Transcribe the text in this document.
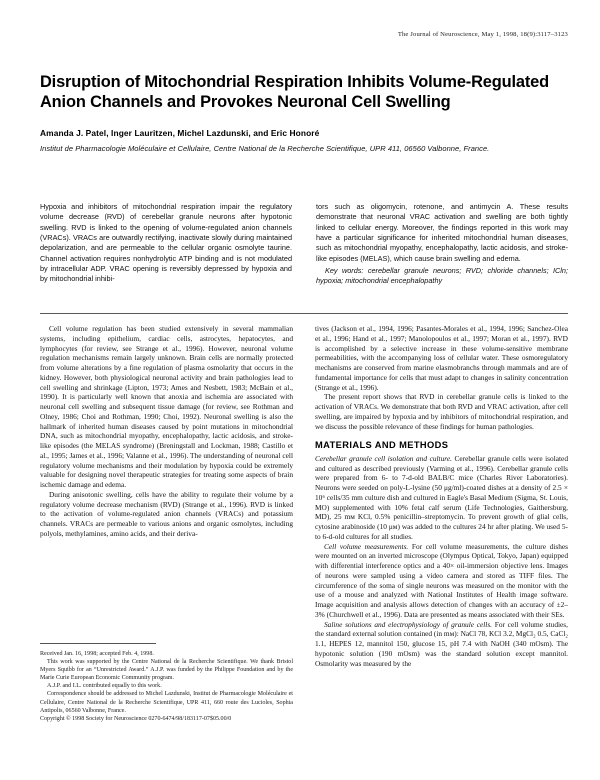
The Journal of Neuroscience, May 1, 1998, 18(9):3117–3123
Disruption of Mitochondrial Respiration Inhibits Volume-Regulated Anion Channels and Provokes Neuronal Cell Swelling

Amanda J. Patel, Inger Lauritzen, Michel Lazdunski, and Eric Honoré

Institut de Pharmacologie Moléculaire et Cellulaire, Centre National de la Recherche Scientifique, UPR 411, 06560 Valbonne, France.

Hypoxia and inhibitors of mitochondrial respiration impair the regulatory volume decrease (RVD) of cerebellar granule neurons after hypotonic swelling. RVD is linked to the opening of volume-regulated anion channels (VRACs). VRACs are outwardly rectifying, inactivate slowly during maintained depolarization, and are permeable to the cellular organic osmolyte taurine. Channel activation requires nonhydrolytic ATP binding and is not modulated by intracellular ADP. VRAC opening is reversibly depressed by hypoxia and by mitochondrial inhibi-

tors such as oligomycin, rotenone, and antimycin A. These results demonstrate that neuronal VRAC activation and swelling are both tightly linked to cellular energy. Moreover, the findings reported in this work may have a particular significance for inherited mitochondrial human diseases, such as mitochondrial myopathy, encephalopathy, lactic acidosis, and stroke-like episodes (MELAS), which cause brain swelling and edema.

Key words: cerebellar granule neurons; RVD; chloride channels; ICln; hypoxia; mitochondrial encephalopathy

Cell volume regulation has been studied extensively in several mammalian systems, including epithelium, cardiac cells, astrocytes, hepatocytes, and lymphocytes (for review, see Strange et al., 1996). However, neuronal volume regulation mechanisms remain largely unknown. Brain cells are normally protected from volume alterations by a fine regulation of plasma osmolarity that occurs in the kidney. However, both physiological neuronal activity and brain pathologies lead to cell swelling and shrinkage (Lipton, 1973; Ames and Nesbett, 1983; McBain et al., 1990). It is particularly well known that anoxia and ischemia are associated with neuronal cell swelling and subsequent tissue damage (for review, see Rothman and Olney, 1986; Choi and Rothman, 1990; Choi, 1992). Neuronal swelling is also the hallmark of inherited human diseases caused by point mutations in mitochondrial DNA, such as mitochondrial myopathy, encephalopathy, lactic acidosis, and stroke-like episodes (the MELAS syndrome) (Breningstall and Lockman, 1988; Castillo et al., 1995; James et al., 1996; Valanne et al., 1996). The understanding of neuronal cell regulatory volume mechanisms and their modulation by hypoxia could be extremely valuable for designing novel therapeutic strategies for treating some aspects of brain ischemic damage and edema.

During anisotonic swelling, cells have the ability to regulate their volume by a regulatory volume decrease mechanism (RVD) (Strange et al., 1996). RVD is linked to the activation of volume-regulated anion channels (VRACs) and potassium channels. VRACs are permeable to various anions and organic osmolytes, including polyols, methylamines, amino acids, and their deriva-

Received Jan. 16, 1998; accepted Feb. 4, 1998.

This work was supported by the Centre National de la Recherche Scientifique. We thank Bristol Myers Squibb for an “Unrestricted Award.” A.J.P. was funded by the Philippe Foundation and by the Marie Curie European Economic Community program.

A.J.P. and I.L. contributed equally to this work.

Correspondence should be addressed to Michel Lazdunski, Institut de Pharmacologie Moléculaire et Cellulaire, Centre National de la Recherche Scientifique, UPR 411, 660 route des Lucioles, Sophia Antipolis, 06560 Valbonne, France.

Copyright © 1998 Society for Neuroscience 0270-6474/98/183117-07$05.00/0

tives (Jackson et al., 1994, 1996; Pasantes-Morales et al., 1994, 1996; Sanchez-Olea et al., 1996; Hand et al., 1997; Manolopoulos et al., 1997; Moran et al., 1997). RVD is accomplished by a selective increase in these volume-sensitive membrane permeabilities, with the accompanying loss of cellular water. These osmoregulatory mechanisms are conserved from marine elasmobranchs through mammals and are of fundamental importance for cells that must adapt to changes in salinity concentration (Strange et al., 1996).

The present report shows that RVD in cerebellar granule cells is linked to the activation of VRACs. We demonstrate that both RVD and VRAC activation, after cell swelling, are impaired by hypoxia and by inhibitors of mitochondrial respiration, and we discuss the possible relevance of these findings for human pathologies.

MATERIALS AND METHODS

Cerebellar granule cell isolation and culture. Cerebellar granule cells were isolated and cultured as described previously (Varming et al., 1996). Cerebellar granule cells were prepared from 6- to 7-d-old BALB/C mice (Charles River Laboratories). Neurons were seeded on poly-L-lysine (50 μg/ml)-coated dishes at a density of 2.5 × 10⁶ cells/35 mm culture dish and cultured in Eagle's Basal Medium (Sigma, St. Louis, MO) supplemented with 10% fetal calf serum (Life Technologies, Gaithersburg, MD), 25 mᴍ KCl, 0.5% penicillin–streptomycin. To prevent growth of glial cells, cytosine arabinoside (10 μᴍ) was added to the cultures 24 hr after plating. We used 5- to 6-d-old cultures for all studies.

Cell volume measurements. For cell volume measurements, the culture dishes were mounted on an inverted microscope (Olympus Optical, Tokyo, Japan) equipped with differential interference optics and a 40× oil-immersion objective lens. Images of neurons were sampled using a video camera and stored as TIFF files. The circumference of the soma of single neurons was measured on the monitor with the use of a mouse and analyzed with National Institutes of Health image software. Image acquisition and analysis allows detection of changes with an accuracy of ±2–3% (Churchwell et al., 1996). Data are presented as means associated with their SEs.

Saline solutions and electrophysiology of granule cells. For cell volume studies, the standard external solution contained (in mᴍ): NaCl 78, KCl 3.2, MgCl₂ 0.5, CaCl₂ 1.1, HEPES 12, mannitol 150, glucose 15, pH 7.4 with NaOH (340 mOsm). The hypotonic solution (190 mOsm) was the standard solution except mannitol. Osmolarity was measured by the
